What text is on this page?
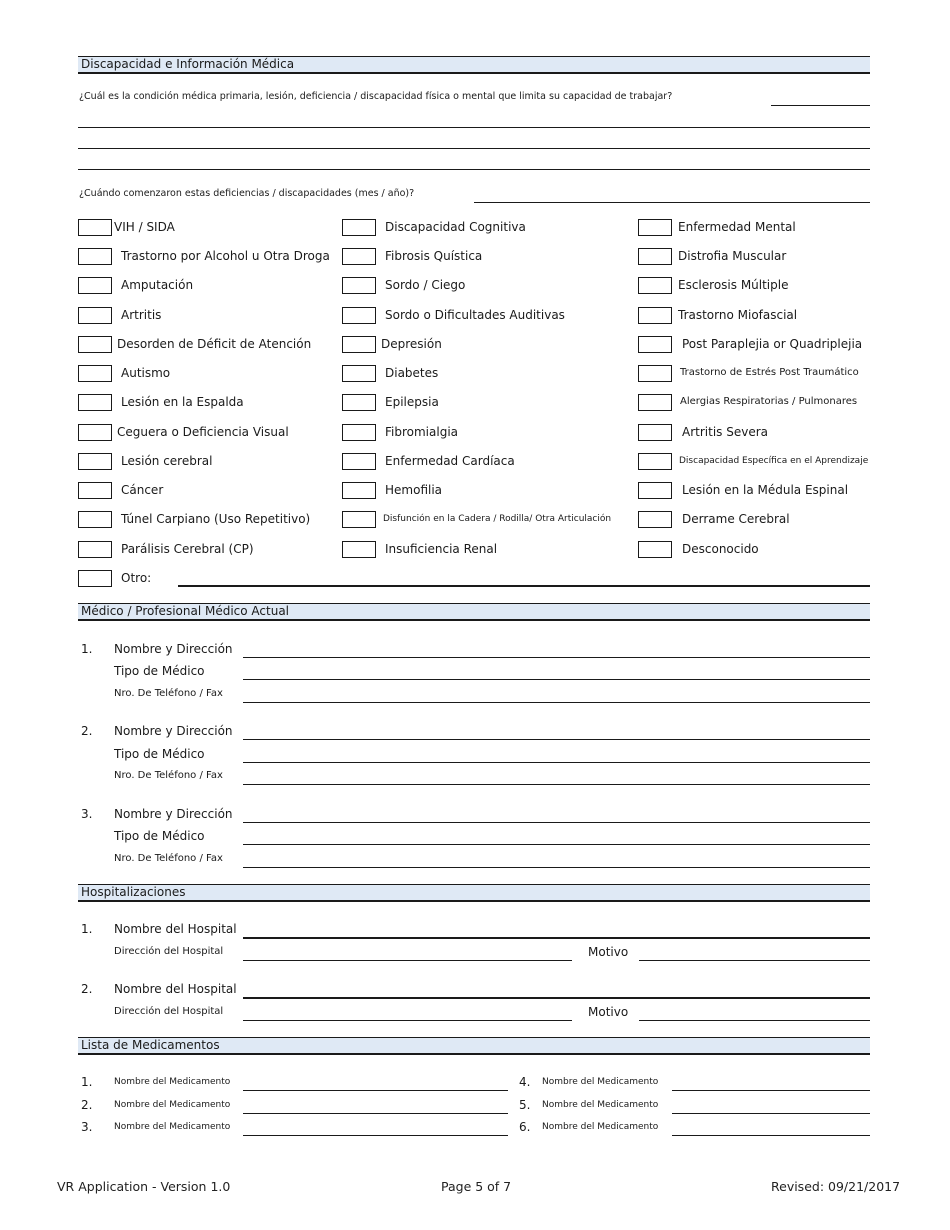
Discapacidad e Información Médica
¿Cuál es la condición médica primaria, lesión, deficiencia / discapacidad física o mental que limita su capacidad de trabajar?
¿Cuándo comenzaron estas deficiencias / discapacidades (mes / año)?
VIH / SIDA
Trastorno por Alcohol u Otra Droga
Amputación
Artritis
Desorden de Déficit de Atención
Autismo
Lesión en la Espalda
Ceguera o Deficiencia Visual
Lesión cerebral
Cáncer
Túnel Carpiano (Uso Repetitivo)
Parálisis Cerebral (CP)
Discapacidad Cognitiva
Fibrosis Quística
Sordo / Ciego
Sordo o Dificultades Auditivas
Depresión
Diabetes
Epilepsia
Fibromialgia
Enfermedad Cardíaca
Hemofilia
Disfunción en la Cadera / Rodilla/ Otra Articulación
Insuficiencia Renal
Enfermedad Mental
Distrofia Muscular
Esclerosis Múltiple
Trastorno Miofascial
Post Paraplejia or Quadriplejia
Trastorno de Estrés Post Traumático
Alergias Respiratorias / Pulmonares
Artritis Severa
Discapacidad Específica en el Aprendizaje
Lesión en la Médula Espinal
Derrame Cerebral
Desconocido
Otro:
Médico / Profesional Médico Actual
1. Nombre y Dirección
Tipo de Médico
Nro. De Teléfono / Fax
2. Nombre y Dirección
Tipo de Médico
Nro. De Teléfono / Fax
3. Nombre y Dirección
Tipo de Médico
Nro. De Teléfono / Fax
Hospitalizaciones
1. Nombre del Hospital
Dirección del Hospital	Motivo
2. Nombre del Hospital
Dirección del Hospital	Motivo
Lista de Medicamentos
1. Nombre del Medicamento
2. Nombre del Medicamento
3. Nombre del Medicamento
4. Nombre del Medicamento
5. Nombre del Medicamento
6. Nombre del Medicamento
VR Application - Version 1.0	Page 5 of 7	Revised: 09/21/2017
